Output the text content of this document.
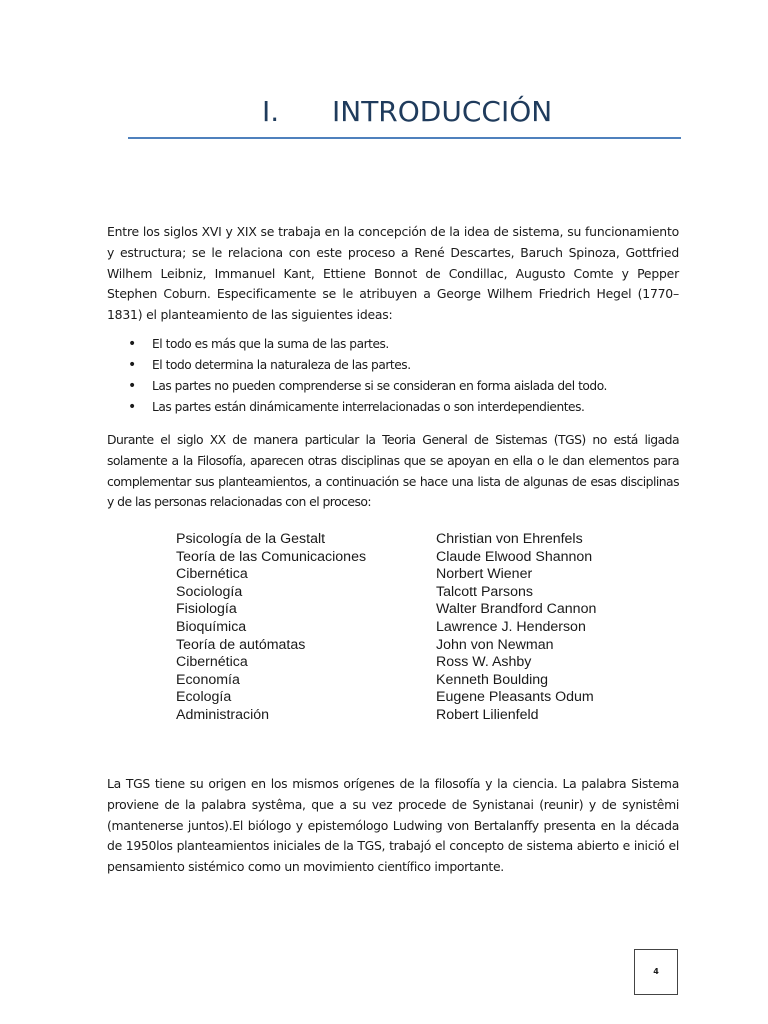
I. INTRODUCCIÓN

Entre los siglos XVI y XIX se trabaja en la concepción de la idea de sistema, su funcionamiento y estructura; se le relaciona con este proceso a René Descartes, Baruch Spinoza, Gottfried Wilhem Leibniz, Immanuel Kant, Ettiene Bonnot de Condillac, Augusto Comte y Pepper Stephen Coburn. Especificamente se le atribuyen a George Wilhem Friedrich Hegel (1770–1831) el planteamiento de las siguientes ideas:

• El todo es más que la suma de las partes.
• El todo determina la naturaleza de las partes.
• Las partes no pueden comprenderse si se consideran en forma aislada del todo.
• Las partes están dinámicamente interrelacionadas o son interdependientes.

Durante el siglo XX de manera particular la Teoria General de Sistemas (TGS) no está ligada solamente a la Filosofía, aparecen otras disciplinas que se apoyan en ella o le dan elementos para complementar sus planteamientos, a continuación se hace una lista de algunas de esas disciplinas y de las personas relacionadas con el proceso:

Psicología de la Gestalt	Christian von Ehrenfels
Teoría de las Comunicaciones	Claude Elwood Shannon
Cibernética	Norbert Wiener
Sociología	Talcott Parsons
Fisiología	Walter Brandford Cannon
Bioquímica	Lawrence J. Henderson
Teoría de autómatas	John von Newman
Cibernética	Ross W. Ashby
Economía	Kenneth Boulding
Ecología	Eugene Pleasants Odum
Administración	Robert Lilienfeld

La TGS tiene su origen en los mismos orígenes de la filosofía y la ciencia. La palabra Sistema proviene de la palabra systêma, que a su vez procede de Synistanai (reunir) y de synistêmi (mantenerse juntos).El biólogo y epistemólogo Ludwing von Bertalanffy presenta en la década de 1950los planteamientos iniciales de la TGS, trabajó el concepto de sistema abierto e inició el pensamiento sistémico como un movimiento científico importante.

4
